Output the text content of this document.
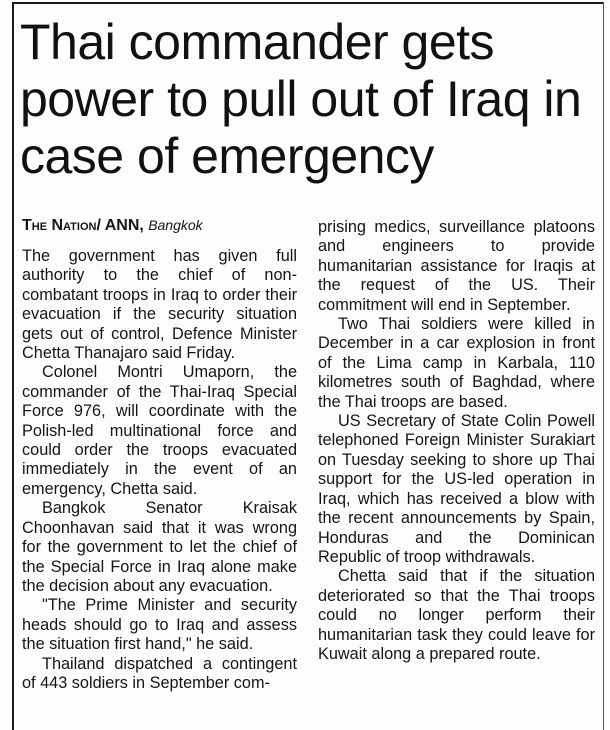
Thai commander gets power to pull out of Iraq in case of emergency

The Nation/ ANN, Bangkok

The government has given full authority to the chief of non-combatant troops in Iraq to order their evacuation if the security situation gets out of control, Defence Minister Chetta Thanajaro said Friday.

Colonel Montri Umaporn, the commander of the Thai-Iraq Special Force 976, will coordinate with the Polish-led multinational force and could order the troops evacuated immediately in the event of an emergency, Chetta said.

Bangkok Senator Kraisak Choonhavan said that it was wrong for the government to let the chief of the Special Force in Iraq alone make the decision about any evacuation.

"The Prime Minister and security heads should go to Iraq and assess the situation first hand," he said.

Thailand dispatched a contingent of 443 soldiers in September com-

prising medics, surveillance platoons and engineers to provide humanitarian assistance for Iraqis at the request of the US. Their commitment will end in September.

Two Thai soldiers were killed in December in a car explosion in front of the Lima camp in Karbala, 110 kilometres south of Baghdad, where the Thai troops are based.

US Secretary of State Colin Powell telephoned Foreign Minister Surakiart on Tuesday seeking to shore up Thai support for the US-led operation in Iraq, which has received a blow with the recent announcements by Spain, Honduras and the Dominican Republic of troop withdrawals.

Chetta said that if the situation deteriorated so that the Thai troops could no longer perform their humanitarian task they could leave for Kuwait along a prepared route.
